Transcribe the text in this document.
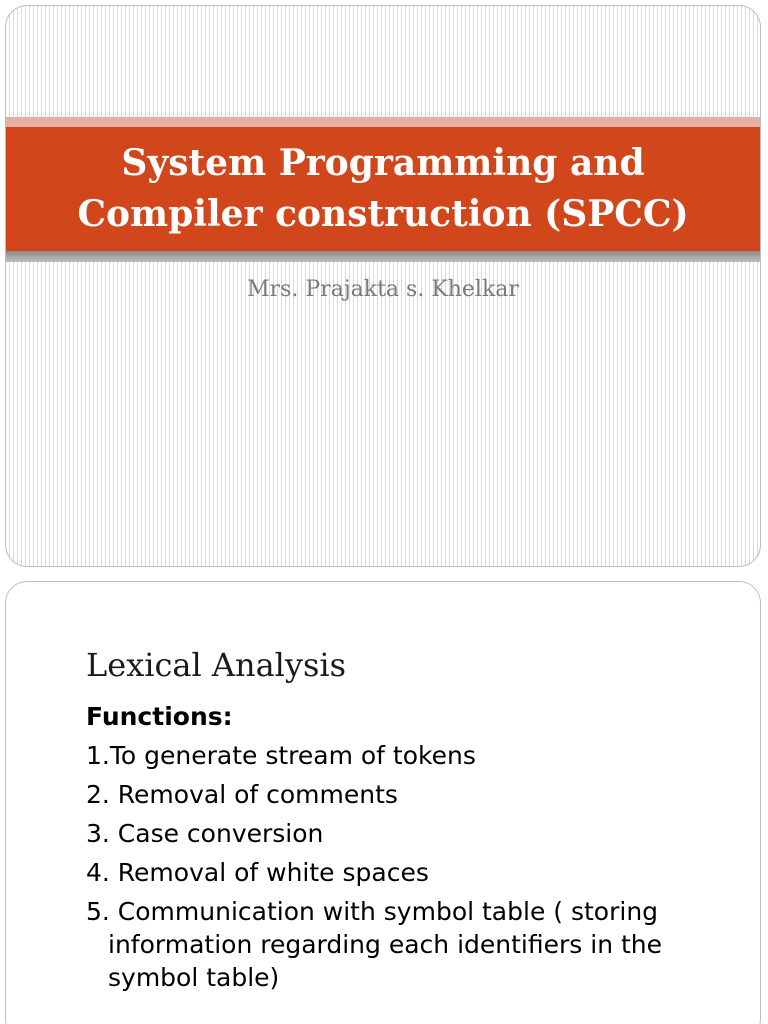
System Programming and Compiler construction (SPCC)

Mrs. Prajakta s. Khelkar

Lexical Analysis

Functions:

1.To generate stream of tokens
2. Removal of comments
3. Case conversion
4. Removal of white spaces
5. Communication with symbol table ( storing information regarding each identifiers in the symbol table)
